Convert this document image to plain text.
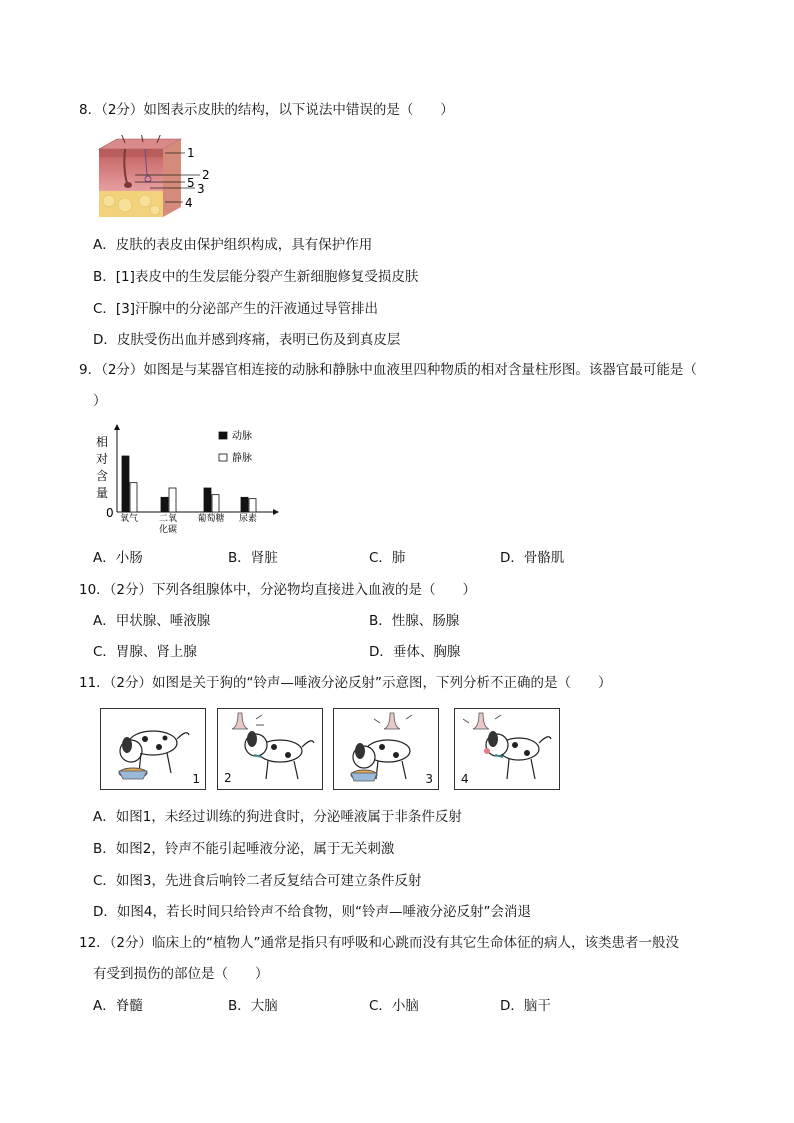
8．（2分）如图表示皮肤的结构，以下说法中错误的是（　　）
1
2
5 3
4
A．皮肤的表皮由保护组织构成，具有保护作用
B．[1]表皮中的生发层能分裂产生新细胞修复受损皮肤
C．[3]汗腺中的分泌部产生的汗液通过导管排出
D．皮肤受伤出血并感到疼痛，表明已伤及到真皮层
9．（2分）如图是与某器官相连接的动脉和静脉中血液里四种物质的相对含量柱形图。该器官最可能是（
）
相
对
含
量
0 氧气 二氧
化碳
葡萄糖 尿素
动脉
静脉
A．小肠	B．肾脏	C．肺	D．骨骼肌
10．（2分）下列各组腺体中，分泌物均直接进入血液的是（　　）
A．甲状腺、唾液腺	B．性腺、肠腺
C．胃腺、肾上腺	D．垂体、胸腺
11．（2分）如图是关于狗的“铃声—唾液分泌反射”示意图，下列分析不正确的是（　　）
1 2	3 4
A．如图1，未经过训练的狗进食时，分泌唾液属于非条件反射
B．如图2，铃声不能引起唾液分泌，属于无关刺激
C．如图3，先进食后响铃二者反复结合可建立条件反射
D．如图4，若长时间只给铃声不给食物，则“铃声—唾液分泌反射”会消退
12．（2分）临床上的“植物人”通常是指只有呼吸和心跳而没有其它生命体征的病人，该类患者一般没
有受到损伤的部位是（　　）
A．脊髓	B．大脑	C．小脑	D．脑干
